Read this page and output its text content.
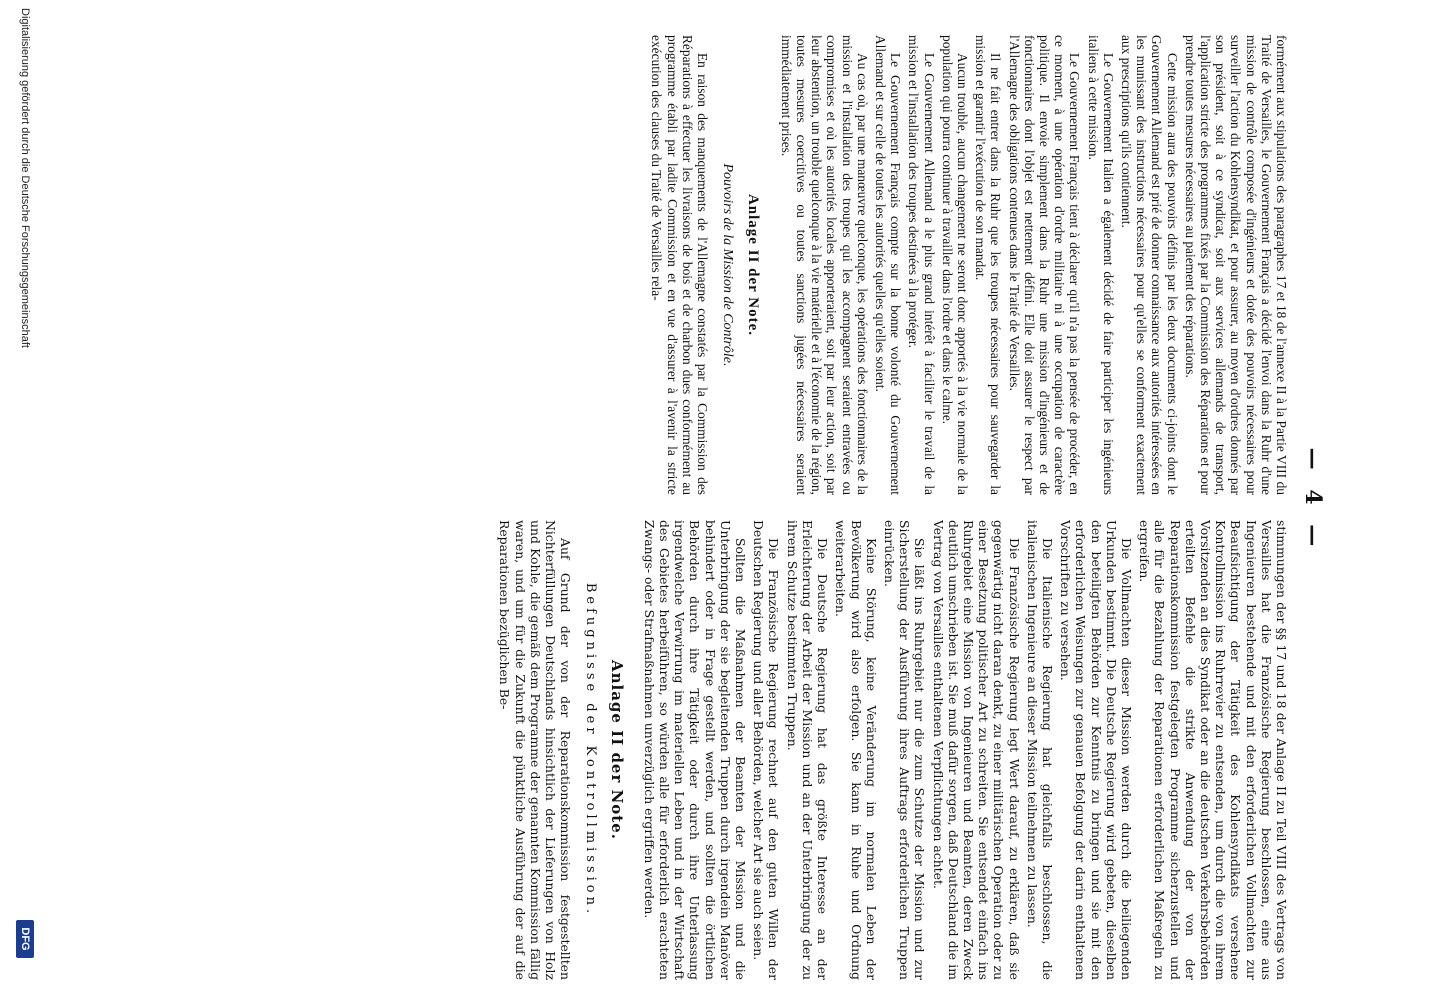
— 4 —

formément aux stipulations des paragraphes 17 et 18 de l'annexe II à la Partie VIII du Traité de Versailles, le Gouvernement Français a décidé l'envoi dans la Ruhr d'une mission de contrôle composée d'ingénieurs et dotée des pouvoirs nécessaires pour surveiller l'action du Kohlensyndikat, et pour assurer, au moyen d'ordres donnés par son président, soit à ce syndicat, soit aux services allemands de transport, l'application stricte des programmes fixés par la Commission des Réparations et pour prendre toutes mesures nécessaires au paiement des réparations.

Cette mission aura des pouvoirs définis par les deux documents ci-joints dont le Gouvernement Allemand est prié de donner connaissance aux autorités intéressées en les munissant des instructions nécessaires pour qu'elles se conforment exactement aux prescriptions qu'ils contiennent.

Le Gouvernement Italien a également décidé de faire participer les ingénieurs italiens à cette mission.

Le Gouvernement Français tient à déclarer qu'il n'a pas la pensée de procéder, en ce moment, à une opération d'ordre militaire ni à une occupation de caractère politique. Il envoie simplement dans la Ruhr une mission d'ingénieurs et de fonctionnaires dont l'objet est nettement défini. Elle doit assurer le respect par l'Allemagne des obligations contenues dans le Traité de Versailles.

Il ne fait entrer dans la Ruhr que les troupes nécessaires pour sauvegarder la mission et garantir l'exécution de son mandat.

Aucun trouble, aucun changement ne seront donc apportés à la vie normale de la population qui pourra continuer à travailler dans l'ordre et dans le calme.

Le Gouvernement Allemand a le plus grand intérêt à faciliter le travail de la mission et l'installation des troupes destinées à la protéger.

Le Gouvernement Français compte sur la bonne volonté du Gouvernement Allemand et sur celle de toutes les autorités quelles qu'elles soient.

Au cas où, par une manœuvre quelconque, les opérations des fonctionnaires de la mission et l'installation des troupes qui les accompagnent seraient entravées ou compromises et où les autorités locales apporteraient, soit par leur action, soit par leur abstention, un trouble quelconque à la vie matérielle et à l'économie de la région, toutes mesures coercitives ou toutes sanctions jugées nécessaires seraient immédiatement prises.

Anlage II der Note.
Pouvoirs de la Mission de Contrôle.

En raison des manquements de l'Allemagne constatés par la Commission des Réparations à effectuer les livraisons de bois et de charbon dues conformément au programme établi par ladite Commission et en vue d'assurer à l'avenir la stricte exécution des clauses du Traité de Versailles rela-

stimmungen der §§ 17 und 18 der Anlage II zu Teil VIII des Vertrags von Versailles hat die Französische Regierung beschlossen, eine aus Ingenieuren bestehende und mit den erforderlichen Vollmachten zur Beaufsichtigung der Tätigkeit des Kohlensyndikats versehene Kontrollmission ins Ruhrrevier zu entsenden, um durch die von ihrem Vorsitzenden an dies Syndikat oder an die deutschen Verkehrsbehörden erteilten Befehle die strikte Anwendung der von der Reparationskommission festgelegten Programme sicherzustellen und alle für die Bezahlung der Reparationen erforderlichen Maßregeln zu ergreifen.

Die Vollmachten dieser Mission werden durch die beiliegenden Urkunden bestimmt. Die Deutsche Regierung wird gebeten, dieselben den beteiligten Behörden zur Kenntnis zu bringen und sie mit den erforderlichen Weisungen zur genauen Befolgung der darin enthaltenen Vorschriften zu versehen.

Die Italienische Regierung hat gleichfalls beschlossen, die italienischen Ingenieure an dieser Mission teilnehmen zu lassen.

Die Französische Regierung legt Wert darauf, zu erklären, daß sie gegenwärtig nicht daran denkt, zu einer militärischen Operation oder zu einer Besetzung politischer Art zu schreiten. Sie entsendet einfach ins Ruhrgebiet eine Mission von Ingenieuren und Beamten, deren Zweck deutlich umschrieben ist. Sie muß dafür sorgen, daß Deutschland die im Vertrag von Versailles enthaltenen Verpflichtungen achtet.

Sie läßt ins Ruhrgebiet nur die zum Schutze der Mission und zur Sicherstellung der Ausführung ihres Auftrags erforderlichen Truppen einrücken.

Keine Störung, keine Veränderung im normalen Leben der Bevölkerung wird also erfolgen. Sie kann in Ruhe und Ordnung weiterarbeiten.

Die Deutsche Regierung hat das größte Interesse an der Erleichterung der Arbeit der Mission und an der Unterbringung der zu ihrem Schutze bestimmten Truppen.

Die Französische Regierung rechnet auf den guten Willen der Deutschen Regierung und aller Behörden, welcher Art sie auch seien.

Sollten die Maßnahmen der Beamten der Mission und die Unterbringung der sie begleitenden Truppen durch irgendein Manöver behindert oder in Frage gestellt werden, und sollten die örtlichen Behörden durch ihre Tätigkeit oder durch ihre Unterlassung irgendwelche Verwirrung im materiellen Leben und in der Wirtschaft des Gebietes herbeiführen, so würden alle für erforderlich erachteten Zwangs- oder Strafmaßnahmen unverzüglich ergriffen werden.

Anlage II der Note.
Befugnisse der Kontrollmission.

Auf Grund der von der Reparationskommission festgestellten Nichterfüllungen Deutschlands hinsichtlich der Lieferungen von Holz und Kohle, die gemäß dem Programme der genannten Kommission fällig waren, und um für die Zukunft die pünktliche Ausführung der auf die Reparationen bezüglichen Be-

Digitalisierung gefördert durch die Deutsche Forschungsgemeinschaft
DFG
